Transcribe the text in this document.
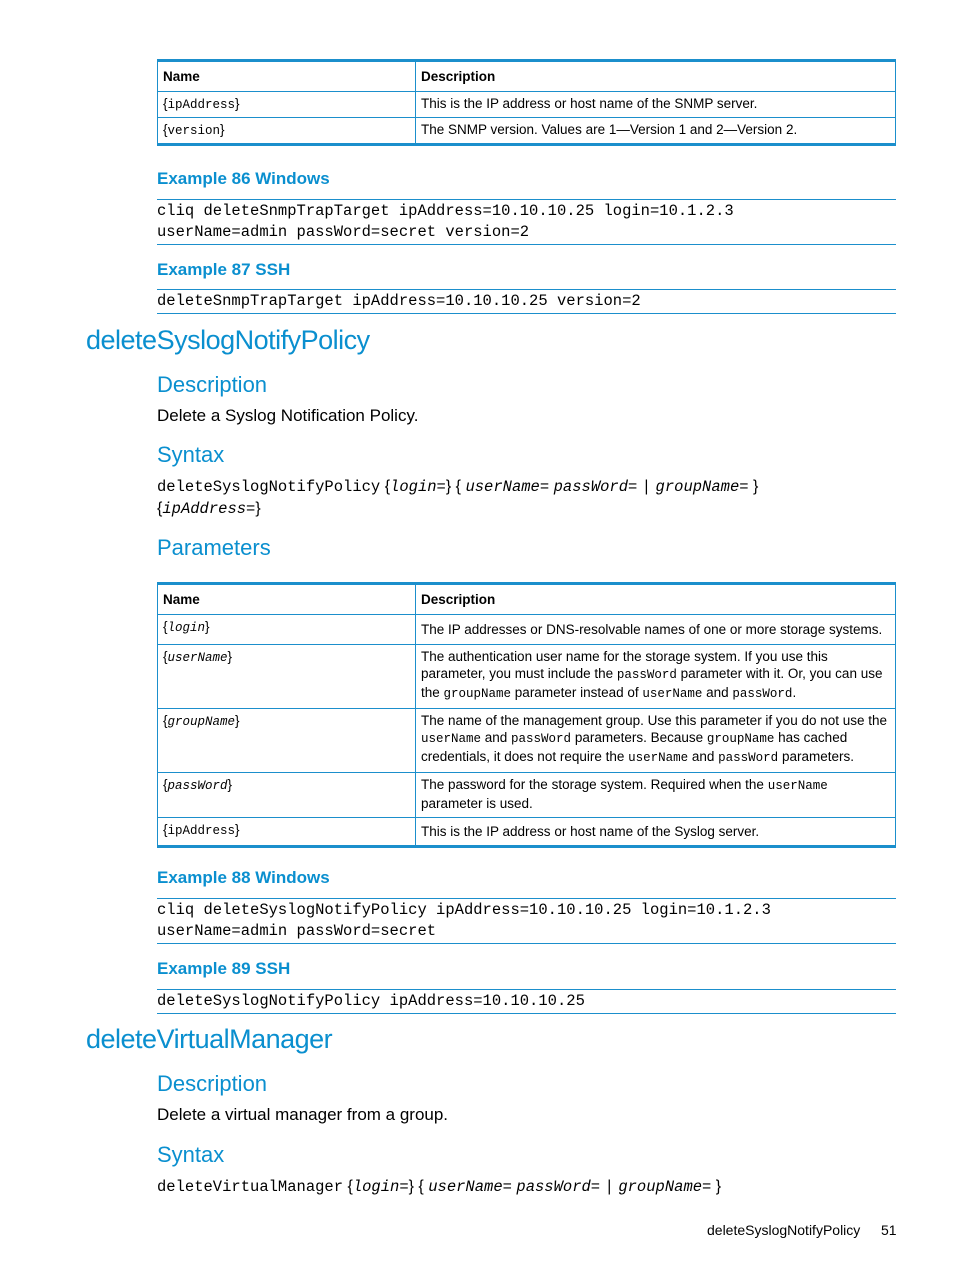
Name	Description
{ipAddress}	This is the IP address or host name of the SNMP server.
{version}	The SNMP version. Values are 1—Version 1 and 2—Version 2.
Example 86 Windows
cliq deleteSnmpTrapTarget ipAddress=10.10.10.25 login=10.1.2.3
userName=admin passWord=secret version=2
Example 87 SSH
deleteSnmpTrapTarget ipAddress=10.10.10.25 version=2
deleteSyslogNotifyPolicy
Description
Delete a Syslog Notification Policy.
Syntax
deleteSyslogNotifyPolicy {login=} { userName= passWord= | groupName= }
{ipAddress=}
Parameters
Name	Description
{login}	The IP addresses or DNS-resolvable names of one or more storage systems.
{userName}	The authentication user name for the storage system. If you use this parameter, you must include the passWord parameter with it. Or, you can use the groupName parameter instead of userName and passWord.
{groupName}	The name of the management group. Use this parameter if you do not use the userName and passWord parameters. Because groupName has cached credentials, it does not require the userName and passWord parameters.
{passWord}	The password for the storage system. Required when the userName parameter is used.
{ipAddress}	This is the IP address or host name of the Syslog server.
Example 88 Windows
cliq deleteSyslogNotifyPolicy ipAddress=10.10.10.25 login=10.1.2.3
userName=admin passWord=secret
Example 89 SSH
deleteSyslogNotifyPolicy ipAddress=10.10.10.25
deleteVirtualManager
Description
Delete a virtual manager from a group.
Syntax
deleteVirtualManager {login=} { userName= passWord= | groupName= }
deleteSyslogNotifyPolicy 51
